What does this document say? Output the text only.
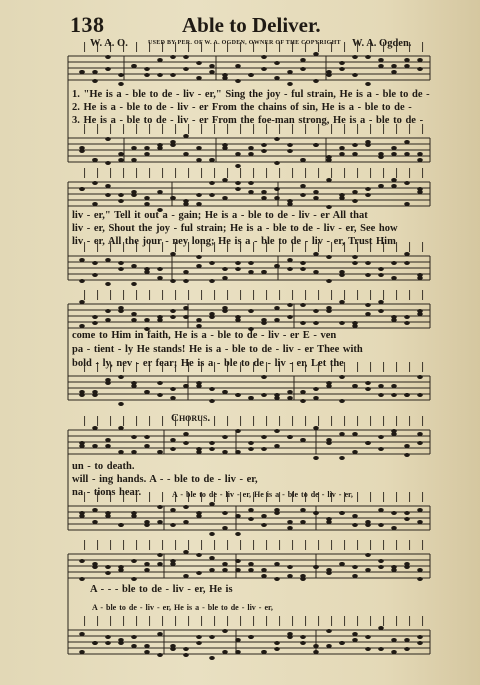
138	Able to Deliver.
W. A. O.	USED BY PER. OF W. A. OGDEN, OWNER OF THE COPYRIGHT W. A. Ogden.
1. "He is a - ble to de - liv - er," Sing the joy - ful strain, He is a - ble to de -
2. He is a - ble to de - liv - er From the chains of sin, He is a - ble to de -
3. He is a - ble to de - liv - er From the foe-man strong, He is a - ble to de -
liv - er," Tell it out a - gain; He is a - ble to de - liv - er All that
liv - er, Shout the joy - ful strain; He is a - ble to de - liv - er, See how
liv - er, All the jour - ney long; He is a - ble to de - liv - er, Trust Him
come to Him in faith, He is a - ble to de - liv - er E - ven
pa - tient - ly He stands! He is a - ble to de - liv - er Thee with
bold - ly, nev - er fear; He is a - ble to de - liv - er, Let the
Chorus.
un - to death.
will - ing hands. A - - ble to de - liv - er,
na - tions hear.	A - ble to de - liv - er, He is a - ble to de - liv - er,
A - - - ble to de - liv - er, He is
A - ble to de - liv - er, He is a - ble to de - liv - er,
